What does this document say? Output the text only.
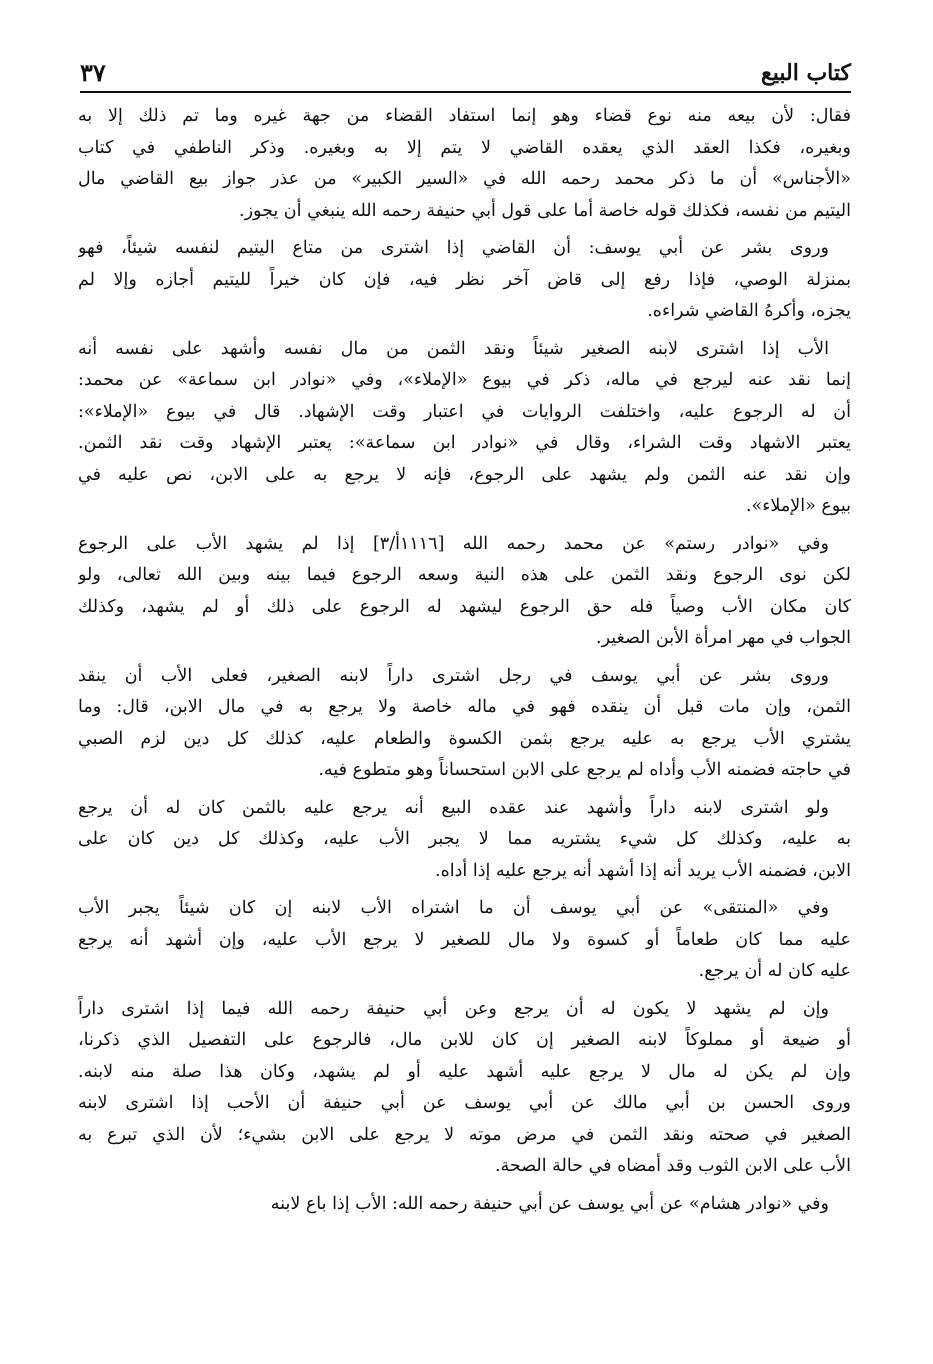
كتاب البيع
٣٧
فقال: لأن بيعه منه نوع قضاء وهو إنما استفاد القضاء من جهة غيره وما تم ذلك إلا به
وبغيره، فكذا العقد الذي يعقده القاضي لا يتم إلا به وبغيره. وذكر الناطفي في كتاب
«الأجناس» أن ما ذكر محمد رحمه الله في «السير الكبير» من عذر جواز بيع القاضي مال
اليتيم من نفسه، فكذلك قوله خاصة أما على قول أبي حنيفة رحمه الله ينبغي أن يجوز.
وروى بشر عن أبي يوسف: أن القاضي إذا اشترى من متاع اليتيم لنفسه شيئاً، فهو
بمنزلة الوصي، فإذا رفع إلى قاض آخر نظر فيه، فإن كان خيراً لليتيم أجازه وإلا لم
يجزه، وأكرهُ القاضي شراءه.
الأب إذا اشترى لابنه الصغير شيئاً ونقد الثمن من مال نفسه وأشهد على نفسه أنه
إنما نقد عنه ليرجع في ماله، ذكر في بيوع «الإملاء»، وفي «نوادر ابن سماعة» عن محمد:
أن له الرجوع عليه، واختلفت الروايات في اعتبار وقت الإشهاد. قال في بيوع «الإملاء»:
يعتبر الاشهاد وقت الشراء، وقال في «نوادر ابن سماعة»: يعتبر الإشهاد وقت نقد الثمن.
وإن نقد عنه الثمن ولم يشهد على الرجوع، فإنه لا يرجع به على الابن، نص عليه في
بيوع «الإملاء».
وفي «نوادر رستم» عن محمد رحمه الله [١١١٦أ/٣] إذا لم يشهد الأب على الرجوع
لكن نوى الرجوع ونقد الثمن على هذه النية وسعه الرجوع فيما بينه وبين الله تعالى، ولو
كان مكان الأب وصياً فله حق الرجوع ليشهد له الرجوع على ذلك أو لم يشهد، وكذلك
الجواب في مهر امرأة الأبن الصغير.
وروى بشر عن أبي يوسف في رجل اشترى داراً لابنه الصغير، فعلى الأب أن ينقد
الثمن، وإن مات قبل أن ينقده فهو في ماله خاصة ولا يرجع به في مال الابن، قال: وما
يشتري الأب يرجع به عليه يرجع بثمن الكسوة والطعام عليه، كذلك كل دين لزم الصبي
في حاجته فضمنه الأب وأداه لم يرجع على الابن استحساناً وهو متطوع فيه.
ولو اشترى لابنه داراً وأشهد عند عقده البيع أنه يرجع عليه بالثمن كان له أن يرجع
به عليه، وكذلك كل شيء يشتريه مما لا يجبر الأب عليه، وكذلك كل دين كان على
الابن، فضمنه الأب يريد أنه إذا أشهد أنه يرجع عليه إذا أداه.
وفي «المنتقى» عن أبي يوسف أن ما اشتراه الأب لابنه إن كان شيئاً يجبر الأب
عليه مما كان طعاماً أو كسوة ولا مال للصغير لا يرجع الأب عليه، وإن أشهد أنه يرجع
عليه كان له أن يرجع.
وإن لم يشهد لا يكون له أن يرجع وعن أبي حنيفة رحمه الله فيما إذا اشترى داراً
أو ضيعة أو مملوكاً لابنه الصغير إن كان للابن مال، فالرجوع على التفصيل الذي ذكرنا،
وإن لم يكن له مال لا يرجع عليه أشهد عليه أو لم يشهد، وكان هذا صلة منه لابنه.
وروى الحسن بن أبي مالك عن أبي يوسف عن أبي حنيفة أن الأحب إذا اشترى لابنه
الصغير في صحته ونقد الثمن في مرض موته لا يرجع على الابن بشيء؛ لأن الذي تبرع به
الأب على الابن الثوب وقد أمضاه في حالة الصحة.
وفي «نوادر هشام» عن أبي يوسف عن أبي حنيفة رحمه الله: الأب إذا باع لابنه
